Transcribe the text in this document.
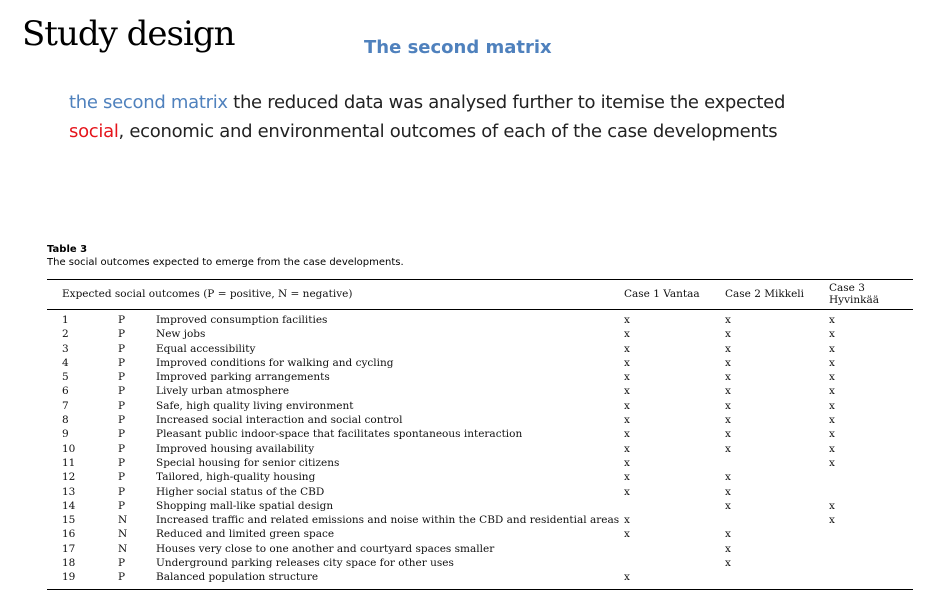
Study design	The second matrix
the second matrix the reduced data was analysed further to itemise the expected social, economic and environmental outcomes of each of the case developments
Table 3
The social outcomes expected to emerge from the case developments.
Expected social outcomes (P = positive, N = negative)			Case 1 Vantaa	Case 2 Mikkeli	Case 3 Hyvinkää
1	P	Improved consumption facilities	x	x	x
2	P	New jobs	x	x	x
3	P	Equal accessibility	x	x	x
4	P	Improved conditions for walking and cycling	x	x	x
5	P	Improved parking arrangements	x	x	x
6	P	Lively urban atmosphere	x	x	x
7	P	Safe, high quality living environment	x	x	x
8	P	Increased social interaction and social control	x	x	x
9	P	Pleasant public indoor-space that facilitates spontaneous interaction	x	x	x
10	P	Improved housing availability	x	x	x
11	P	Special housing for senior citizens	x		x
12	P	Tailored, high-quality housing	x	x	
13	P	Higher social status of the CBD	x	x	
14	P	Shopping mall-like spatial design		x	x
15	N	Increased traffic and related emissions and noise within the CBD and residential areas	x		x
16	N	Reduced and limited green space	x	x	
17	N	Houses very close to one another and courtyard spaces smaller		x	
18	P	Underground parking releases city space for other uses		x	
19	P	Balanced population structure	x		
